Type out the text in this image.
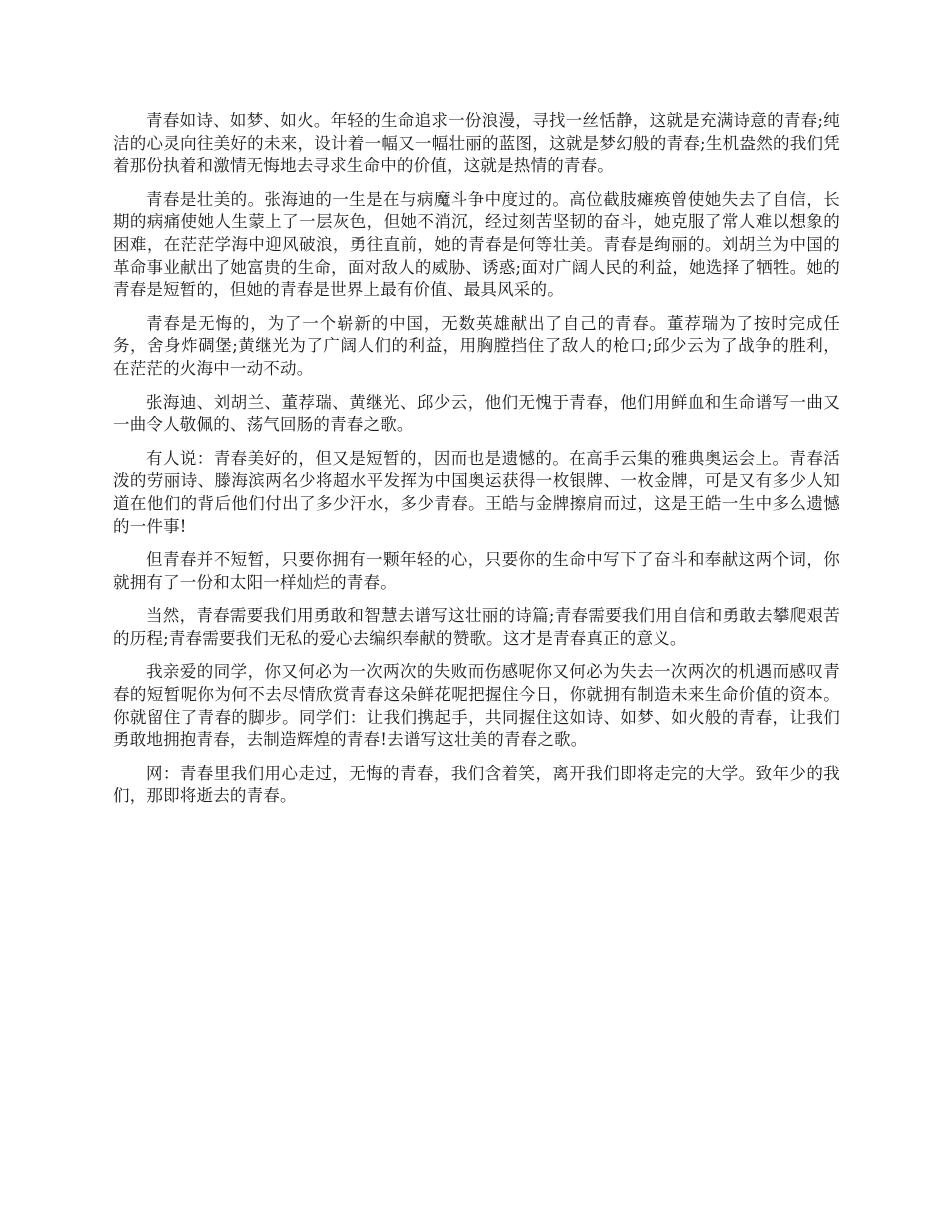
青春如诗、如梦、如火。年轻的生命追求一份浪漫，寻找一丝恬静，这就是充满诗意的青春;纯洁的心灵向往美好的未来，设计着一幅又一幅壮丽的蓝图，这就是梦幻般的青春;生机盎然的我们凭着那份执着和激情无悔地去寻求生命中的价值，这就是热情的青春。

青春是壮美的。张海迪的一生是在与病魔斗争中度过的。高位截肢瘫痪曾使她失去了自信，长期的病痛使她人生蒙上了一层灰色，但她不消沉，经过刻苦坚韧的奋斗，她克服了常人难以想象的困难，在茫茫学海中迎风破浪，勇往直前，她的青春是何等壮美。青春是绚丽的。刘胡兰为中国的革命事业献出了她富贵的生命，面对敌人的威胁、诱惑;面对广阔人民的利益，她选择了牺牲。她的青春是短暂的，但她的青春是世界上最有价值、最具风采的。

青春是无悔的，为了一个崭新的中国，无数英雄献出了自己的青春。董荐瑞为了按时完成任务，舍身炸碉堡;黄继光为了广阔人们的利益，用胸膛挡住了敌人的枪口;邱少云为了战争的胜利，在茫茫的火海中一动不动。

张海迪、刘胡兰、董荐瑞、黄继光、邱少云，他们无愧于青春，他们用鲜血和生命谱写一曲又一曲令人敬佩的、荡气回肠的青春之歌。

有人说：青春美好的，但又是短暂的，因而也是遗憾的。在高手云集的雅典奥运会上。青春活泼的劳丽诗、滕海滨两名少将超水平发挥为中国奥运获得一枚银牌、一枚金牌，可是又有多少人知道在他们的背后他们付出了多少汗水，多少青春。王皓与金牌擦肩而过，这是王皓一生中多么遗憾的一件事!

但青春并不短暂，只要你拥有一颗年轻的心，只要你的生命中写下了奋斗和奉献这两个词，你就拥有了一份和太阳一样灿烂的青春。

当然，青春需要我们用勇敢和智慧去谱写这壮丽的诗篇;青春需要我们用自信和勇敢去攀爬艰苦的历程;青春需要我们无私的爱心去编织奉献的赞歌。这才是青春真正的意义。

我亲爱的同学，你又何必为一次两次的失败而伤感呢你又何必为失去一次两次的机遇而感叹青春的短暂呢你为何不去尽情欣赏青春这朵鲜花呢把握住今日，你就拥有制造未来生命价值的资本。你就留住了青春的脚步。同学们：让我们携起手，共同握住这如诗、如梦、如火般的青春，让我们勇敢地拥抱青春，去制造辉煌的青春!去谱写这壮美的青春之歌。

网：青春里我们用心走过，无悔的青春，我们含着笑，离开我们即将走完的大学。致年少的我们，那即将逝去的青春。
